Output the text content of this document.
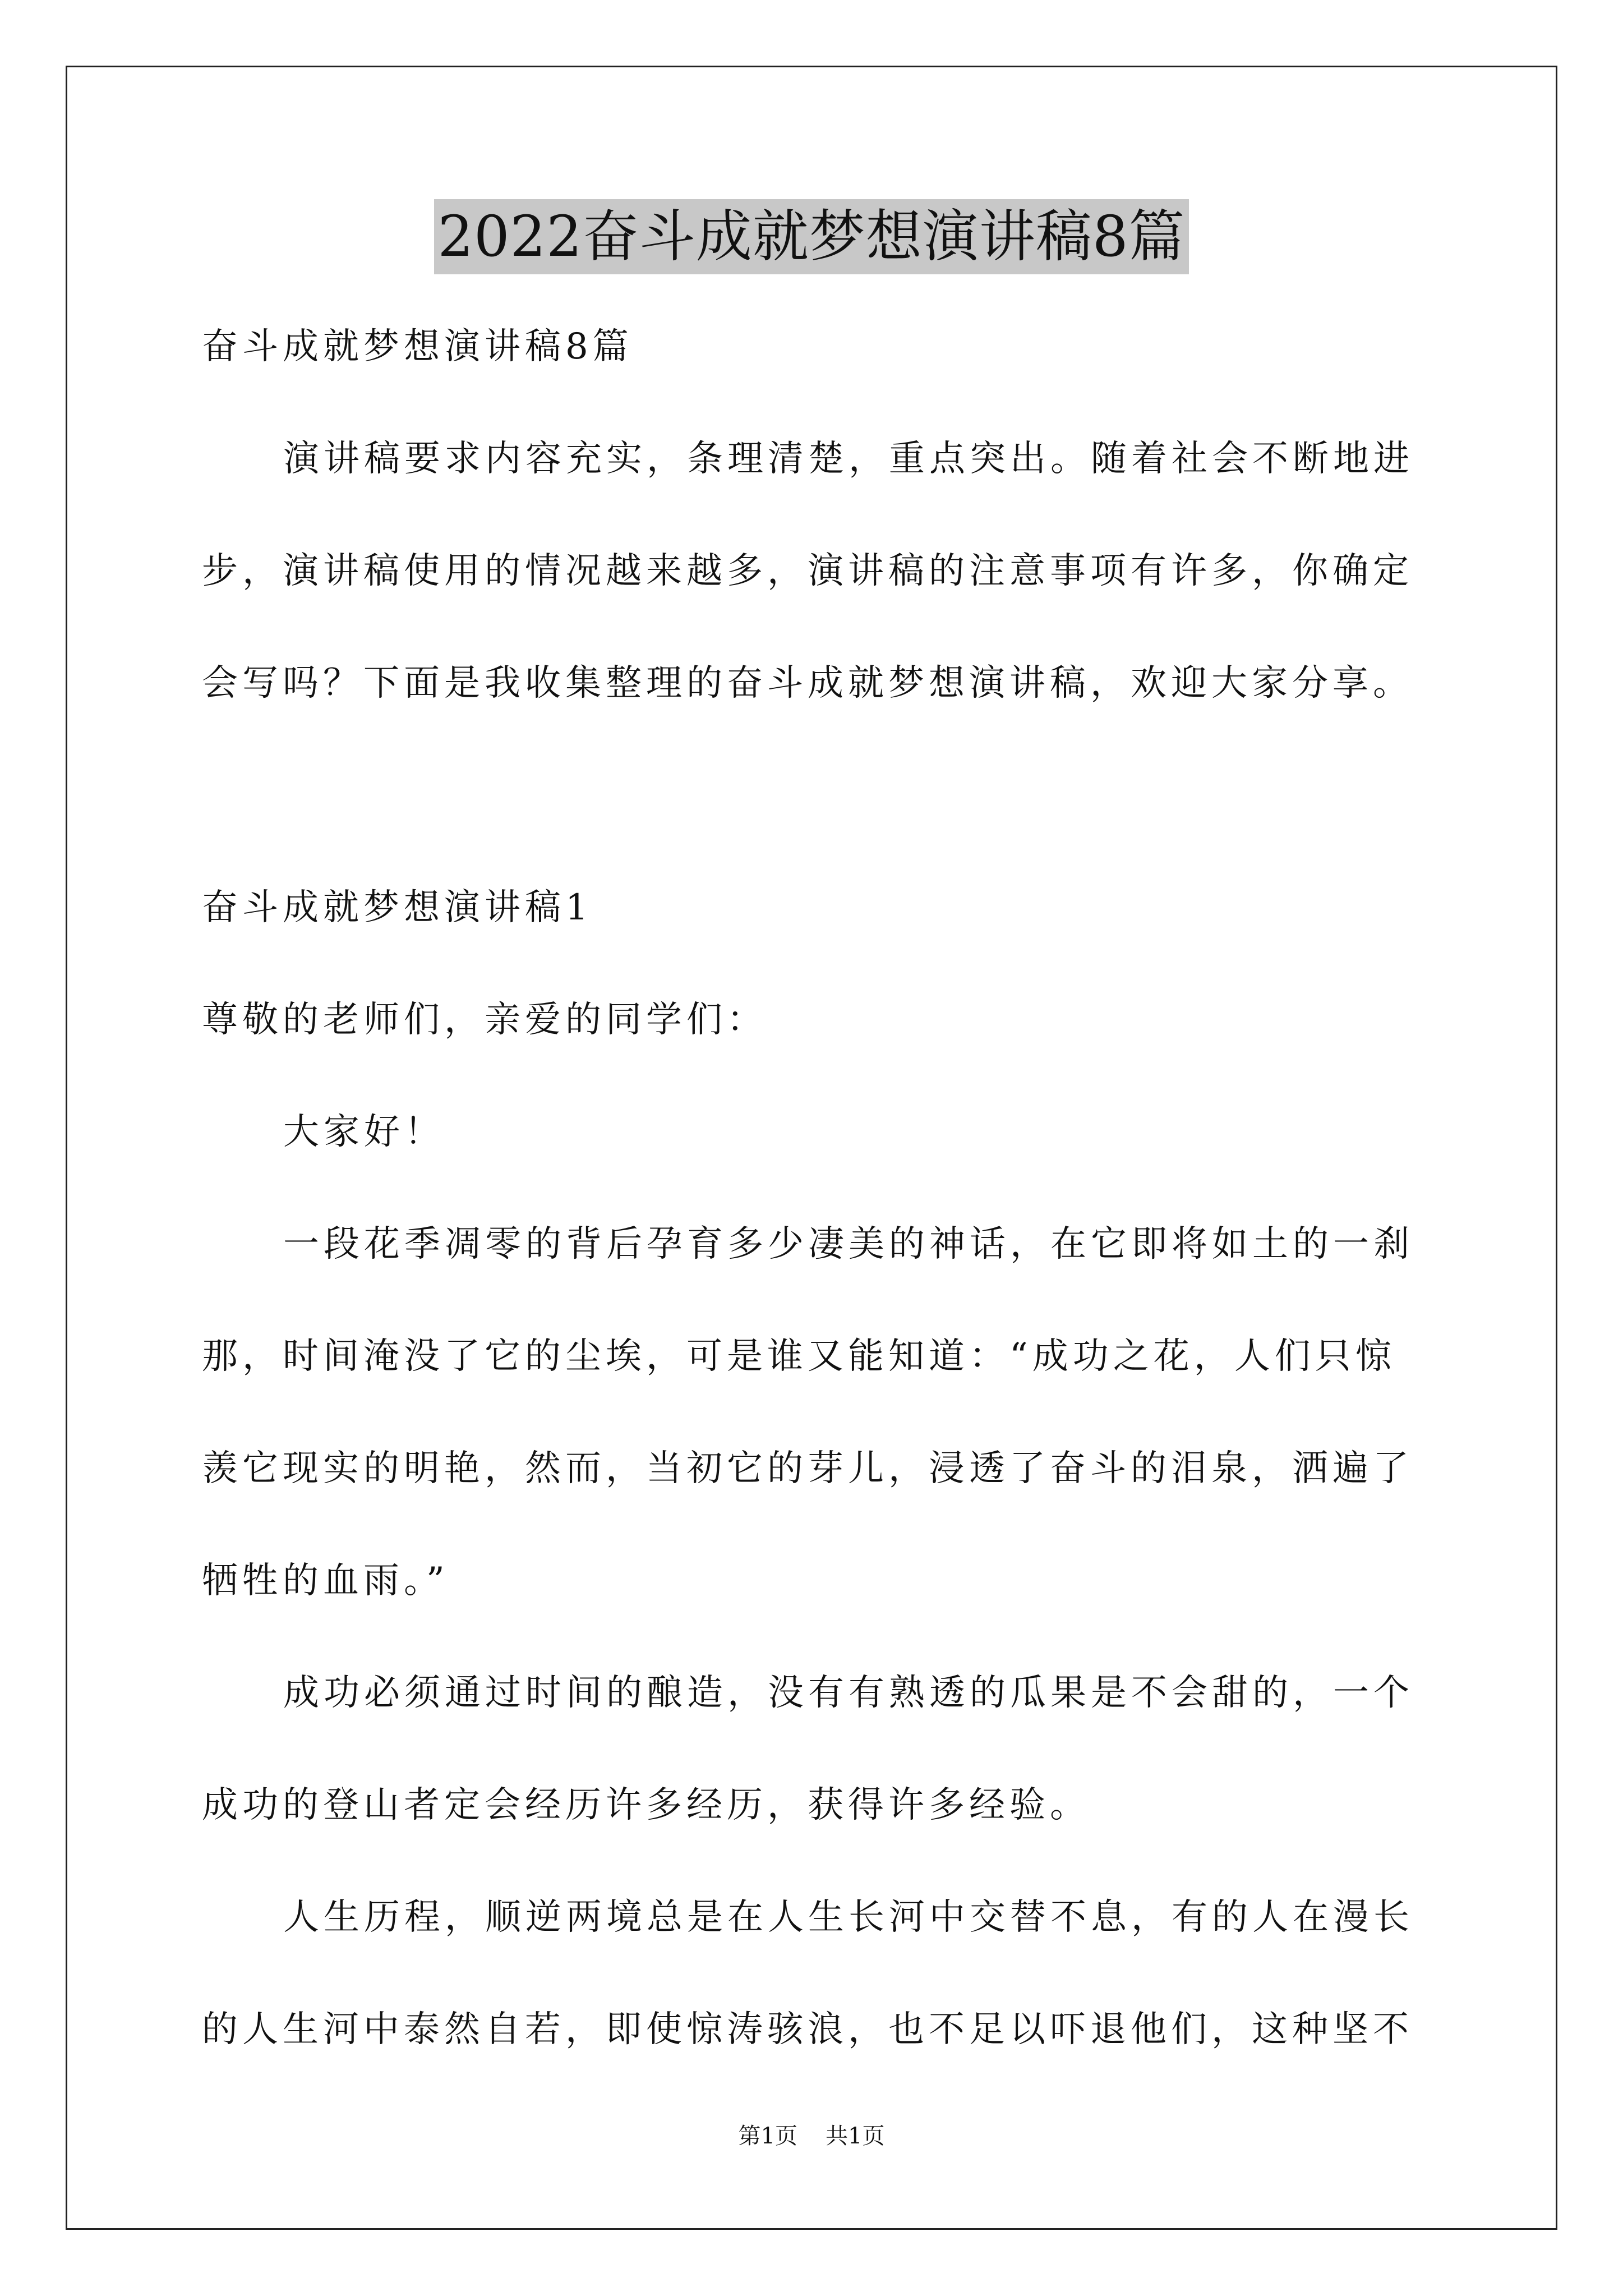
2022奋斗成就梦想演讲稿8篇
奋斗成就梦想演讲稿8篇
演讲稿要求内容充实，条理清楚，重点突出。随着社会不断地进
步，演讲稿使用的情况越来越多，演讲稿的注意事项有许多，你确定
会写吗？下面是我收集整理的奋斗成就梦想演讲稿，欢迎大家分享。
奋斗成就梦想演讲稿1
尊敬的老师们，亲爱的同学们：
大家好！
一段花季凋零的背后孕育多少凄美的神话，在它即将如土的一刹
那，时间淹没了它的尘埃，可是谁又能知道：“成功之花，人们只惊
羡它现实的明艳，然而，当初它的芽儿，浸透了奋斗的泪泉，洒遍了
牺牲的血雨。”
成功必须通过时间的酿造，没有有熟透的瓜果是不会甜的，一个
成功的登山者定会经历许多经历，获得许多经验。
人生历程，顺逆两境总是在人生长河中交替不息，有的人在漫长
的人生河中泰然自若，即使惊涛骇浪，也不足以吓退他们，这种坚不
第1页 共1页
